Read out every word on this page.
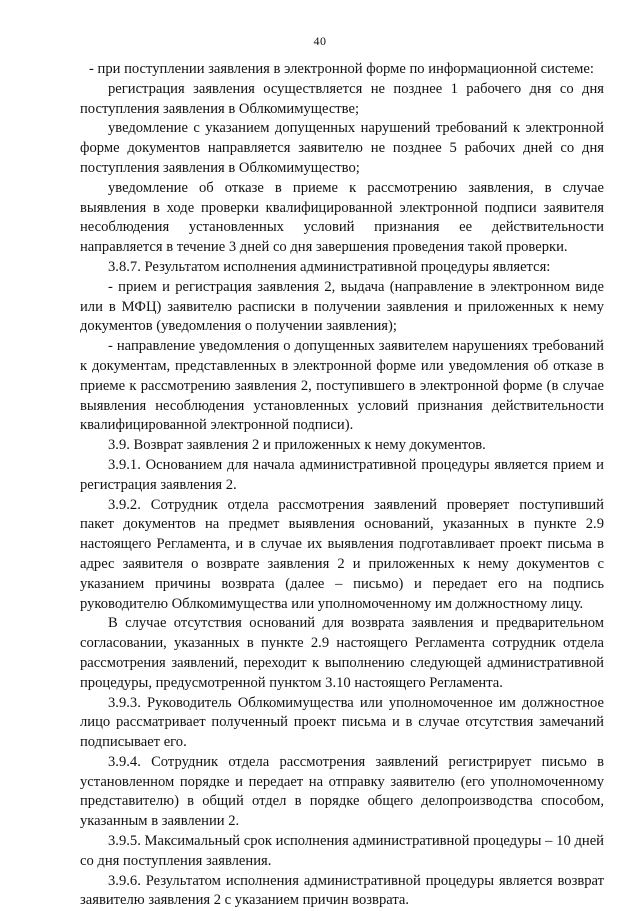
40

- при поступлении заявления в электронной форме по информационной системе:

регистрация заявления осуществляется не позднее 1 рабочего дня со дня поступления заявления в Облкомимуществе;

уведомление с указанием допущенных нарушений требований к электронной форме документов направляется заявителю не позднее 5 рабочих дней со дня поступления заявления в Облкомимущество;

уведомление об отказе в приеме к рассмотрению заявления, в случае выявления в ходе проверки квалифицированной электронной подписи заявителя несоблюдения установленных условий признания ее действительности направляется в течение 3 дней со дня завершения проведения такой проверки.

3.8.7. Результатом исполнения административной процедуры является:

- прием и регистрация заявления 2, выдача (направление в электронном виде или в МФЦ) заявителю расписки в получении заявления и приложенных к нему документов (уведомления о получении заявления);

- направление уведомления о допущенных заявителем нарушениях требований к документам, представленных в электронной форме или уведомления об отказе в приеме к рассмотрению заявления 2, поступившего в электронной форме (в случае выявления несоблюдения установленных условий признания действительности квалифицированной электронной подписи).

3.9. Возврат заявления 2 и приложенных к нему документов.

3.9.1. Основанием для начала административной процедуры является прием и регистрация заявления 2.

3.9.2. Сотрудник отдела рассмотрения заявлений проверяет поступивший пакет документов на предмет выявления оснований, указанных в пункте 2.9 настоящего Регламента, и в случае их выявления подготавливает проект письма в адрес заявителя о возврате заявления 2 и приложенных к нему документов с указанием причины возврата (далее – письмо) и передает его на подпись руководителю Облкомимущества или уполномоченному им должностному лицу.

В случае отсутствия оснований для возврата заявления и предварительном согласовании, указанных в пункте 2.9 настоящего Регламента сотрудник отдела рассмотрения заявлений, переходит к выполнению следующей административной процедуры, предусмотренной пунктом 3.10 настоящего Регламента.

3.9.3. Руководитель Облкомимущества или уполномоченное им должностное лицо рассматривает полученный проект письма и в случае отсутствия замечаний подписывает его.

3.9.4. Сотрудник отдела рассмотрения заявлений регистрирует письмо в установленном порядке и передает на отправку заявителю (его уполномоченному представителю) в общий отдел в порядке общего делопроизводства способом, указанным в заявлении 2.

3.9.5. Максимальный срок исполнения административной процедуры – 10 дней со дня поступления заявления.

3.9.6. Результатом исполнения административной процедуры является возврат заявителю заявления 2 с указанием причин возврата.
